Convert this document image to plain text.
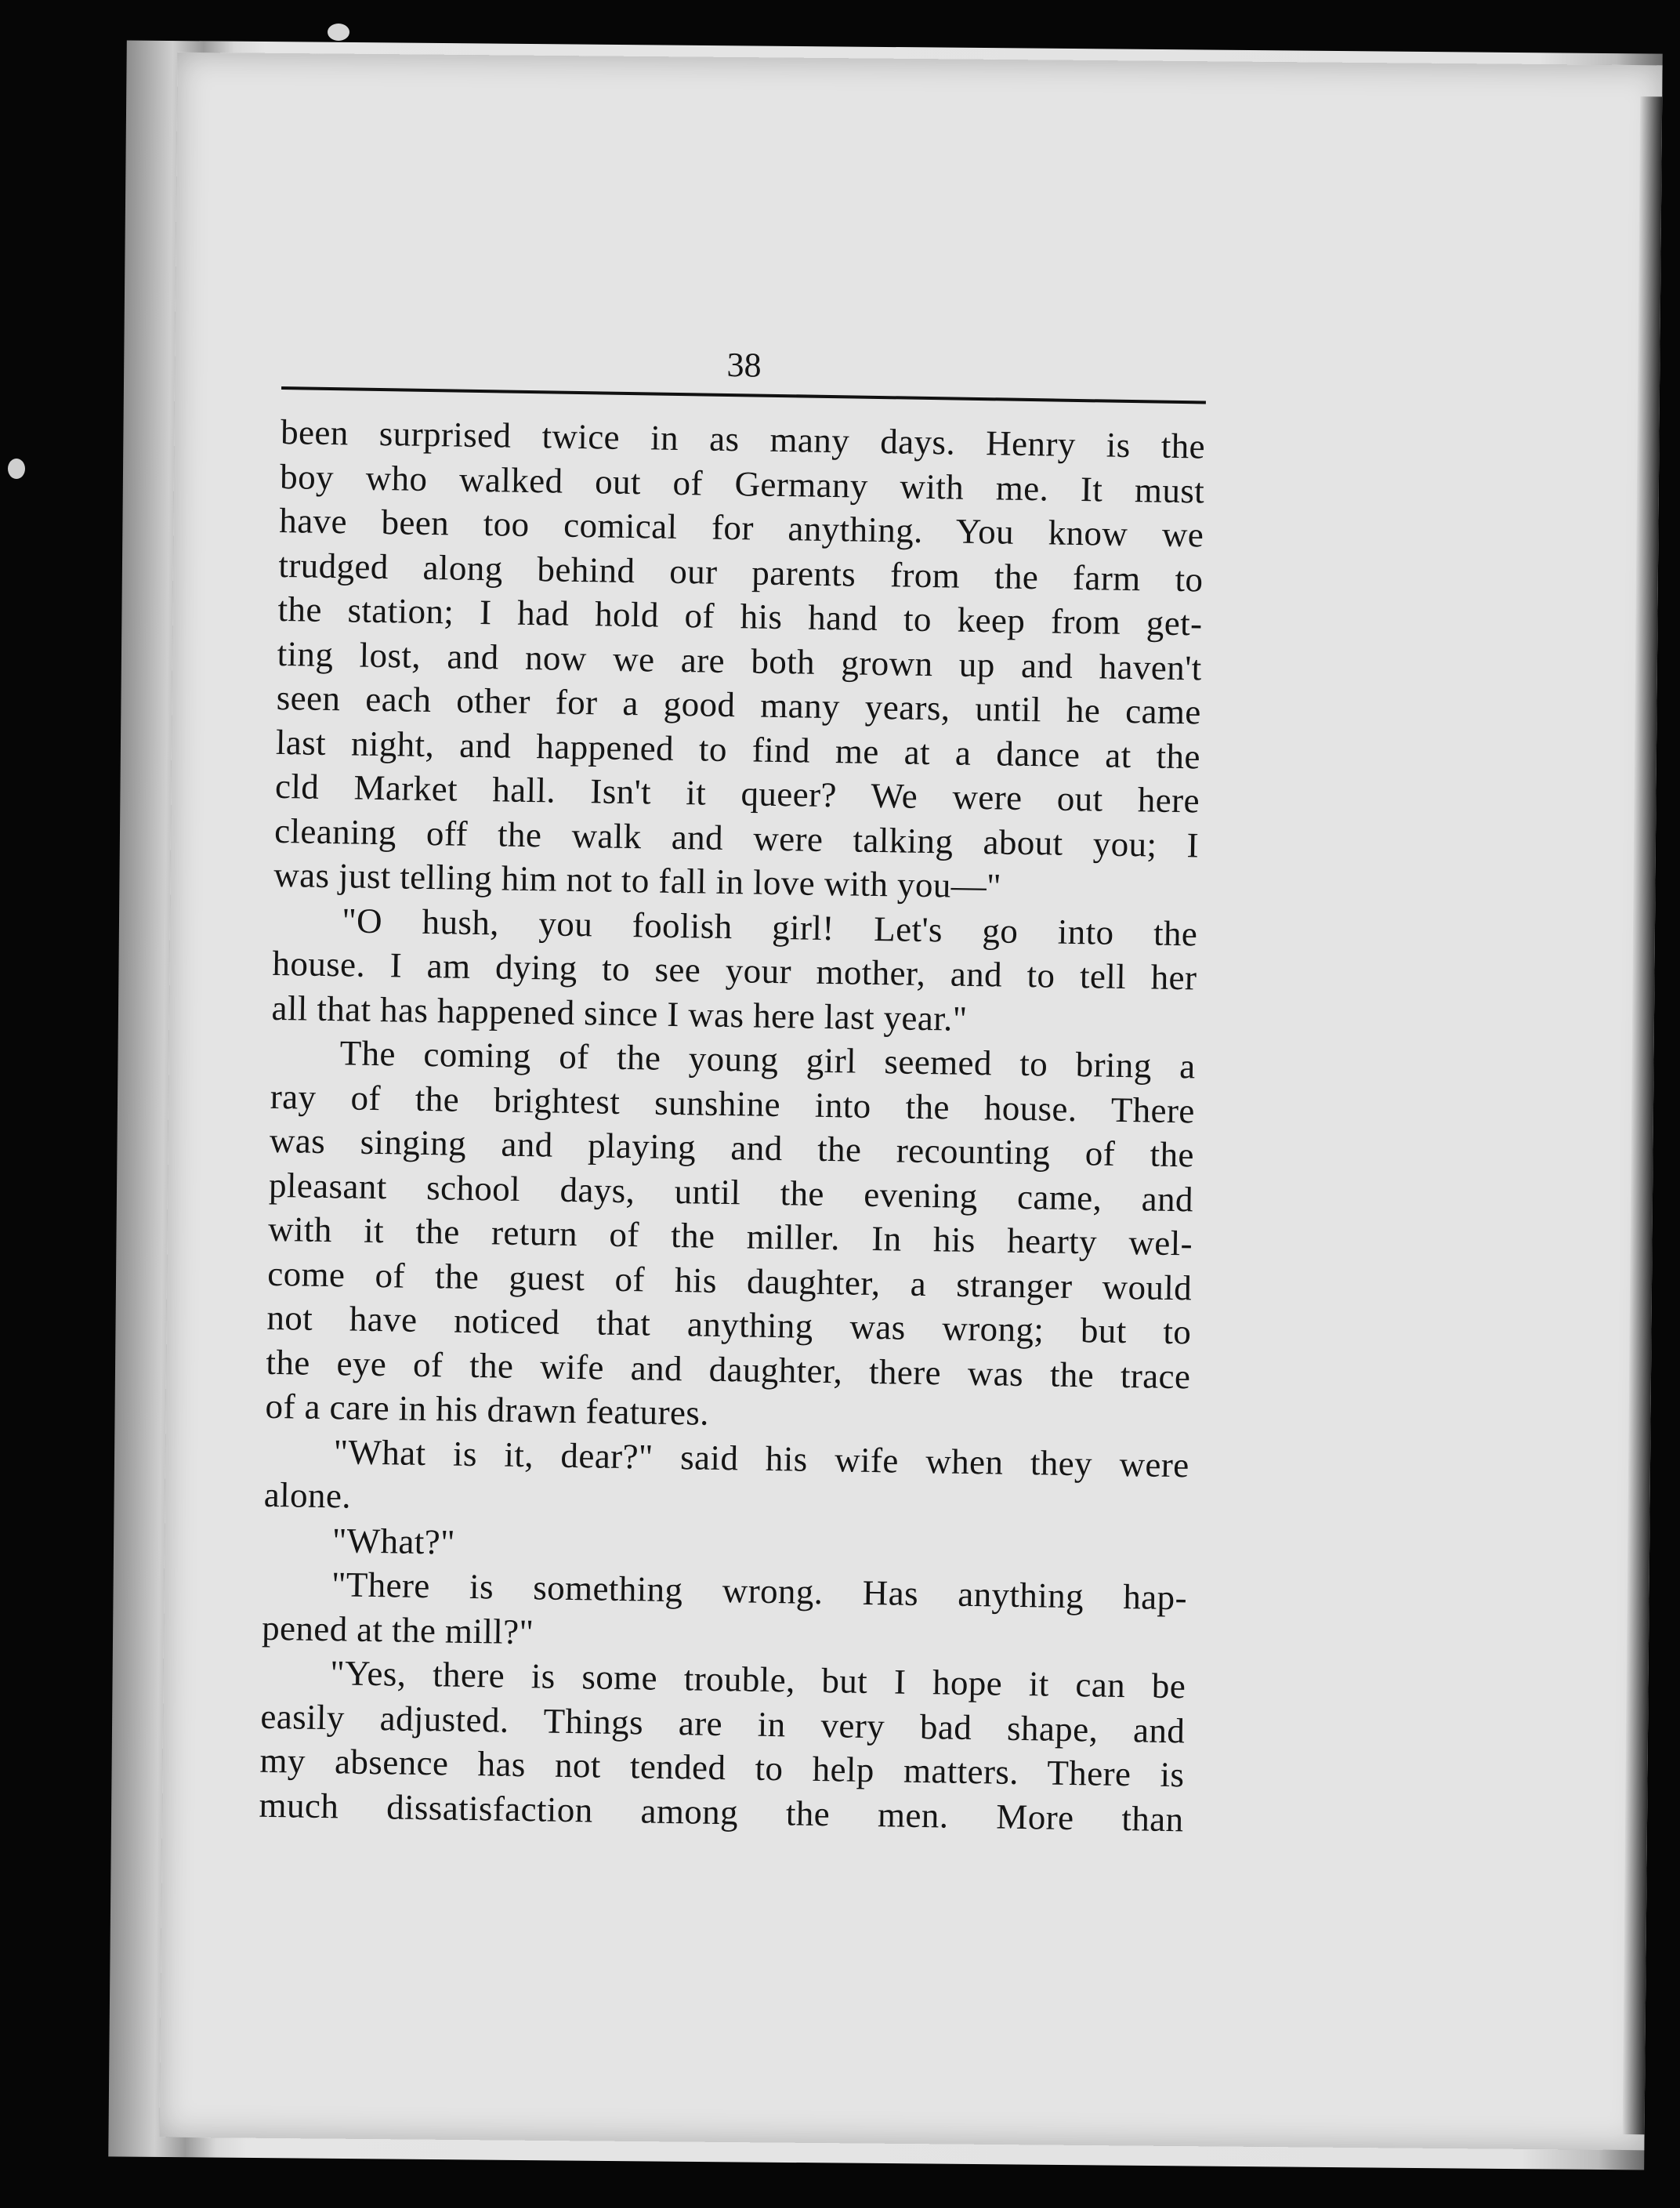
38
been surprised twice in as many days. Henry is the
boy who walked out of Germany with me. It must
have been too comical for anything. You know we
trudged along behind our parents from the farm to
the station; I had hold of his hand to keep from get-
ting lost, and now we are both grown up and haven't
seen each other for a good many years, until he came
last night, and happened to find me at a dance at the
cld Market hall. Isn't it queer? We were out here
cleaning off the walk and were talking about you; I
was just telling him not to fall in love with you—"
"O hush, you foolish girl! Let's go into the
house. I am dying to see your mother, and to tell her
all that has happened since I was here last year."
The coming of the young girl seemed to bring a
ray of the brightest sunshine into the house. There
was singing and playing and the recounting of the
pleasant school days, until the evening came, and
with it the return of the miller. In his hearty wel-
come of the guest of his daughter, a stranger would
not have noticed that anything was wrong; but to
the eye of the wife and daughter, there was the trace
of a care in his drawn features.
"What is it, dear?" said his wife when they were
alone.
"What?"
"There is something wrong. Has anything hap-
pened at the mill?"
"Yes, there is some trouble, but I hope it can be
easily adjusted. Things are in very bad shape, and
my absence has not tended to help matters. There is
much dissatisfaction among the men. More than
